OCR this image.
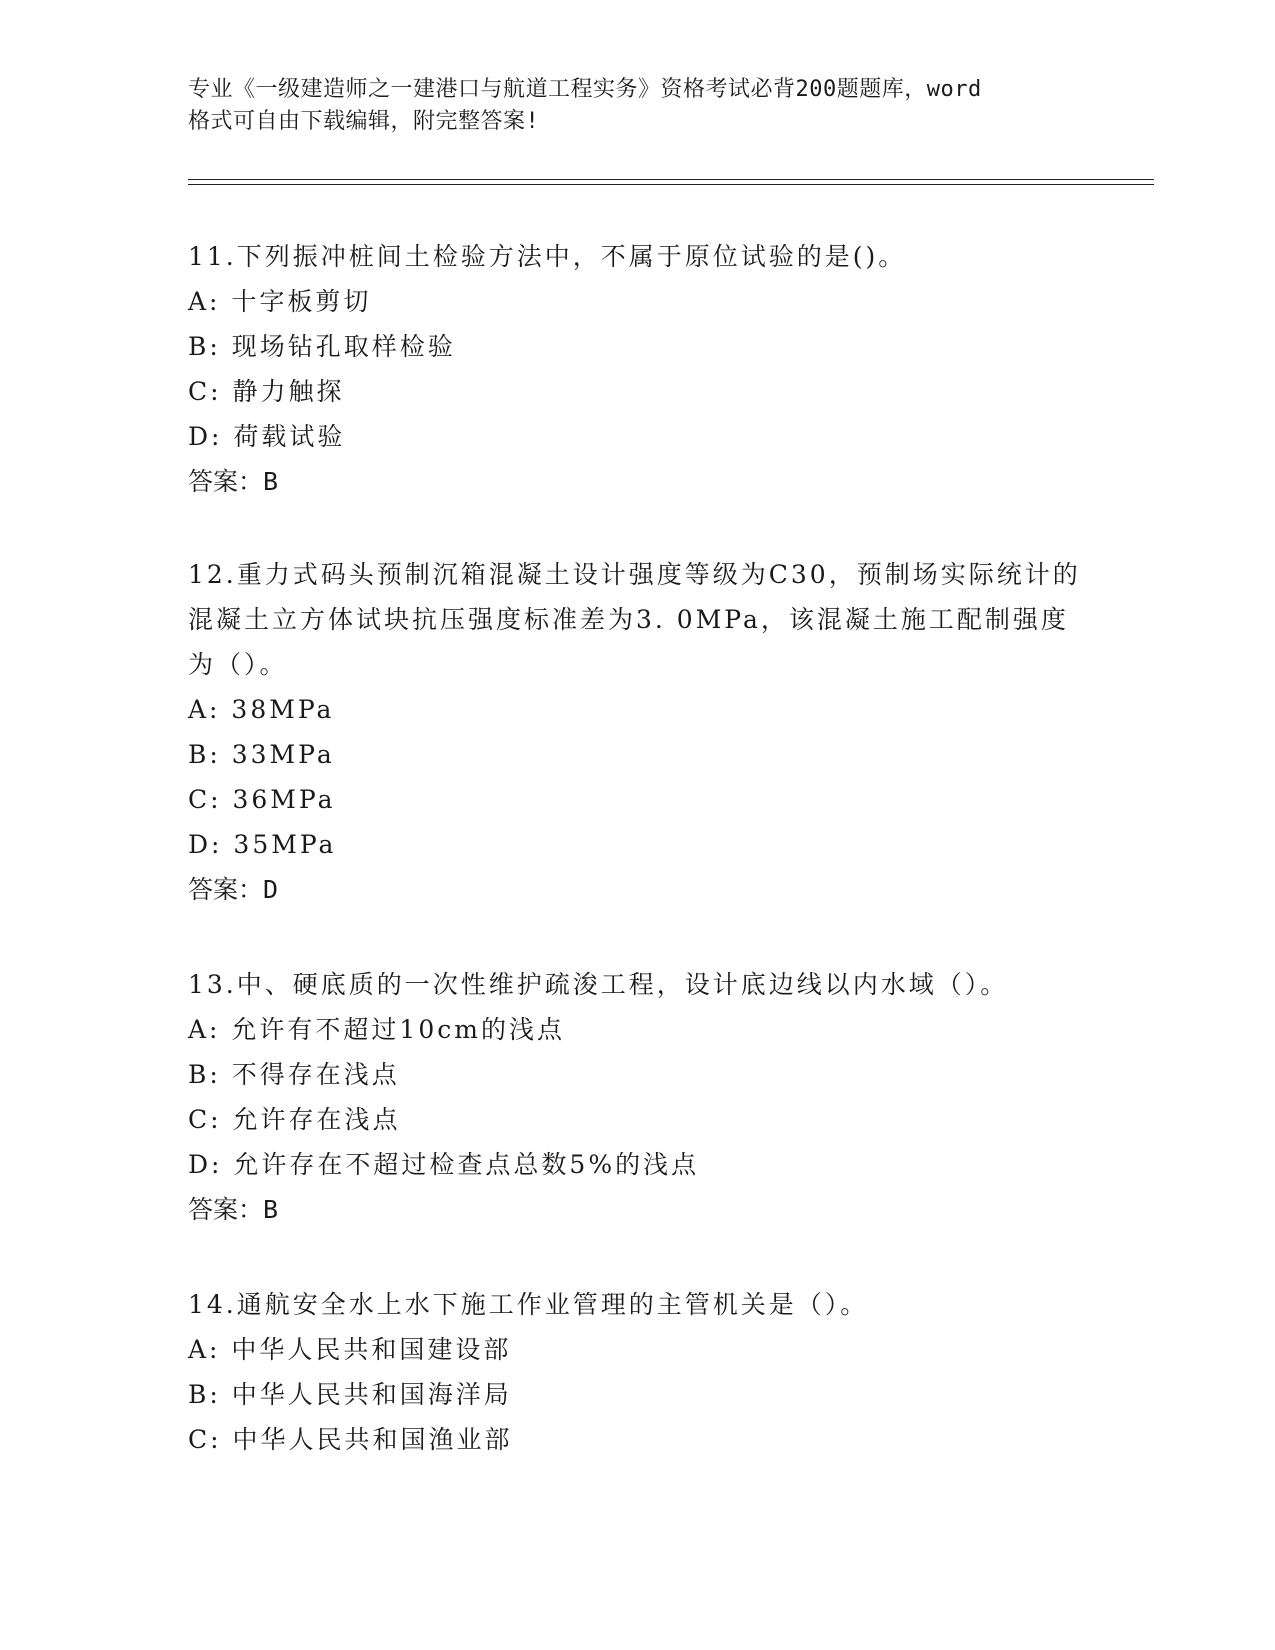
专业《一级建造师之一建港口与航道工程实务》资格考试必背200题题库，word
格式可自由下载编辑，附完整答案!

11.下列振冲桩间土检验方法中，不属于原位试验的是()。

A: 十字板剪切

B: 现场钻孔取样检验

C: 静力触探

D: 荷载试验

答案：B

12.重力式码头预制沉箱混凝土设计强度等级为C30，预制场实际统计的混凝土立方体试块抗压强度标准差为3. 0MPa，该混凝土施工配制强度为（）。

A: 38MPa

B: 33MPa

C: 36MPa

D: 35MPa

答案：D

13.中、硬底质的一次性维护疏浚工程，设计底边线以内水域（）。

A: 允许有不超过10cm的浅点

B: 不得存在浅点

C: 允许存在浅点

D: 允许存在不超过检查点总数5%的浅点

答案：B

14.通航安全水上水下施工作业管理的主管机关是（）。

A: 中华人民共和国建设部

B: 中华人民共和国海洋局

C: 中华人民共和国渔业部
